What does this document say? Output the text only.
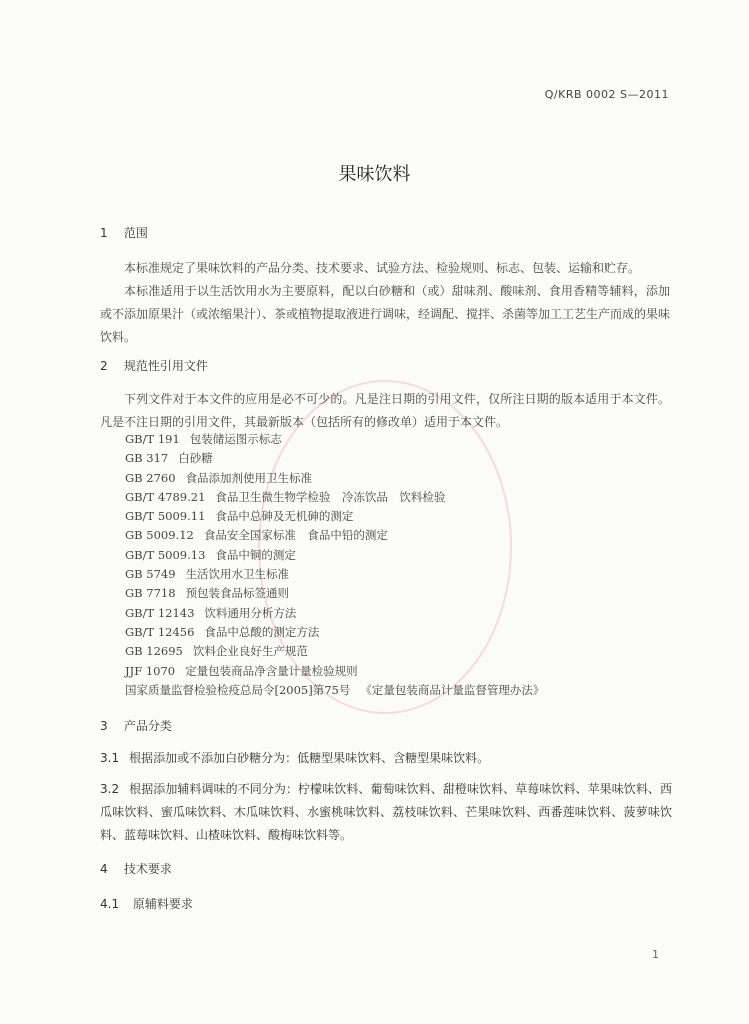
Q/KRB 0002 S—2011
果味饮料
1 范围
本标准规定了果味饮料的产品分类、技术要求、试验方法、检验规则、标志、包装、运输和贮存。
本标准适用于以生活饮用水为主要原料，配以白砂糖和（或）甜味剂、酸味剂、食用香精等辅料，添加或不添加原果汁（或浓缩果汁）、茶或植物提取液进行调味，经调配、搅拌、杀菌等加工工艺生产而成的果味饮料。
2 规范性引用文件
下列文件对于本文件的应用是必不可少的。凡是注日期的引用文件，仅所注日期的版本适用于本文件。凡是不注日期的引用文件，其最新版本（包括所有的修改单）适用于本文件。
GB/T 191 包装储运图示标志
GB 317 白砂糖
GB 2760 食品添加剂使用卫生标准
GB/T 4789.21 食品卫生微生物学检验　冷冻饮品　饮料检验
GB/T 5009.11 食品中总砷及无机砷的测定
GB 5009.12 食品安全国家标准　食品中铅的测定
GB/T 5009.13 食品中铜的测定
GB 5749 生活饮用水卫生标准
GB 7718 预包装食品标签通则
GB/T 12143 饮料通用分析方法
GB/T 12456 食品中总酸的测定方法
GB 12695 饮料企业良好生产规范
JJF 1070 定量包装商品净含量计量检验规则
国家质量监督检验检疫总局令[2005]第75号 《定量包装商品计量监督管理办法》
3 产品分类
3.1 根据添加或不添加白砂糖分为：低糖型果味饮料、含糖型果味饮料。
3.2 根据添加辅料调味的不同分为：柠檬味饮料、葡萄味饮料、甜橙味饮料、草莓味饮料、苹果味饮料、西瓜味饮料、蜜瓜味饮料、木瓜味饮料、水蜜桃味饮料、荔枝味饮料、芒果味饮料、西番莲味饮料、菠萝味饮料、蓝莓味饮料、山楂味饮料、酸梅味饮料等。
4 技术要求
4.1 原辅料要求
1
